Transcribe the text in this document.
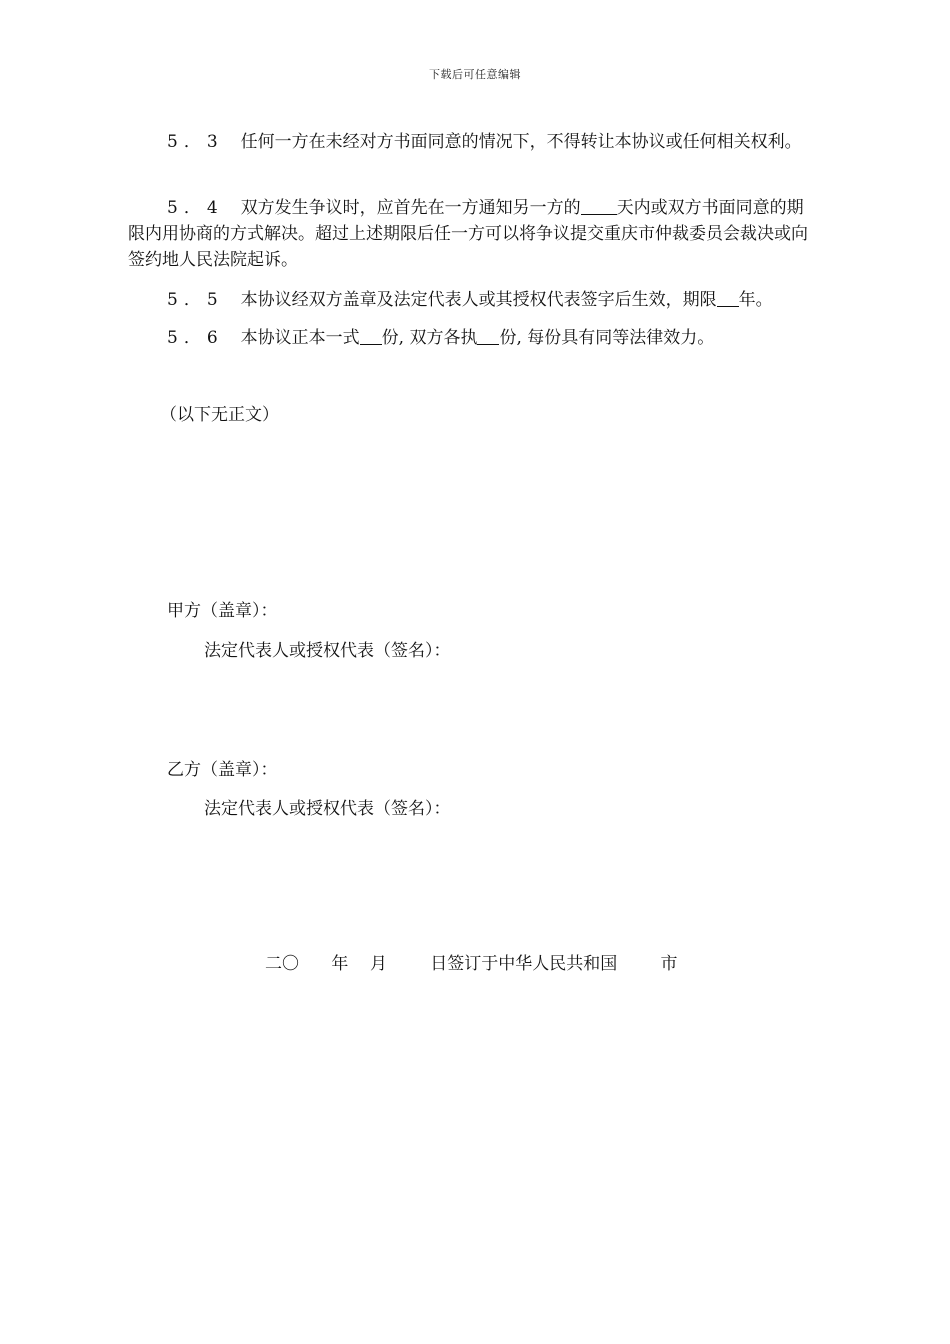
下载后可任意编辑

5．3　 任何一方在未经对方书面同意的情况下，不得转让本协议或任何相关权利。

5．4　 双方发生争议时，应首先在一方通知另一方的 天内或双方书面同意的期限内用协商的方式解决。超过上述期限后任一方可以将争议提交重庆市仲裁委员会裁决或向签约地人民法院起诉。

5．5　 本协议经双方盖章及法定代表人或其授权代表签字后生效，期限 年。

5．6　 本协议正本一式 份, 双方各执 份, 每份具有同等法律效力。

（以下无正文）
甲方（盖章）：
法定代表人或授权代表（签名）：
乙方（盖章）：
法定代表人或授权代表（签名）：
二〇      年    月        日签订于中华人民共和国        市
